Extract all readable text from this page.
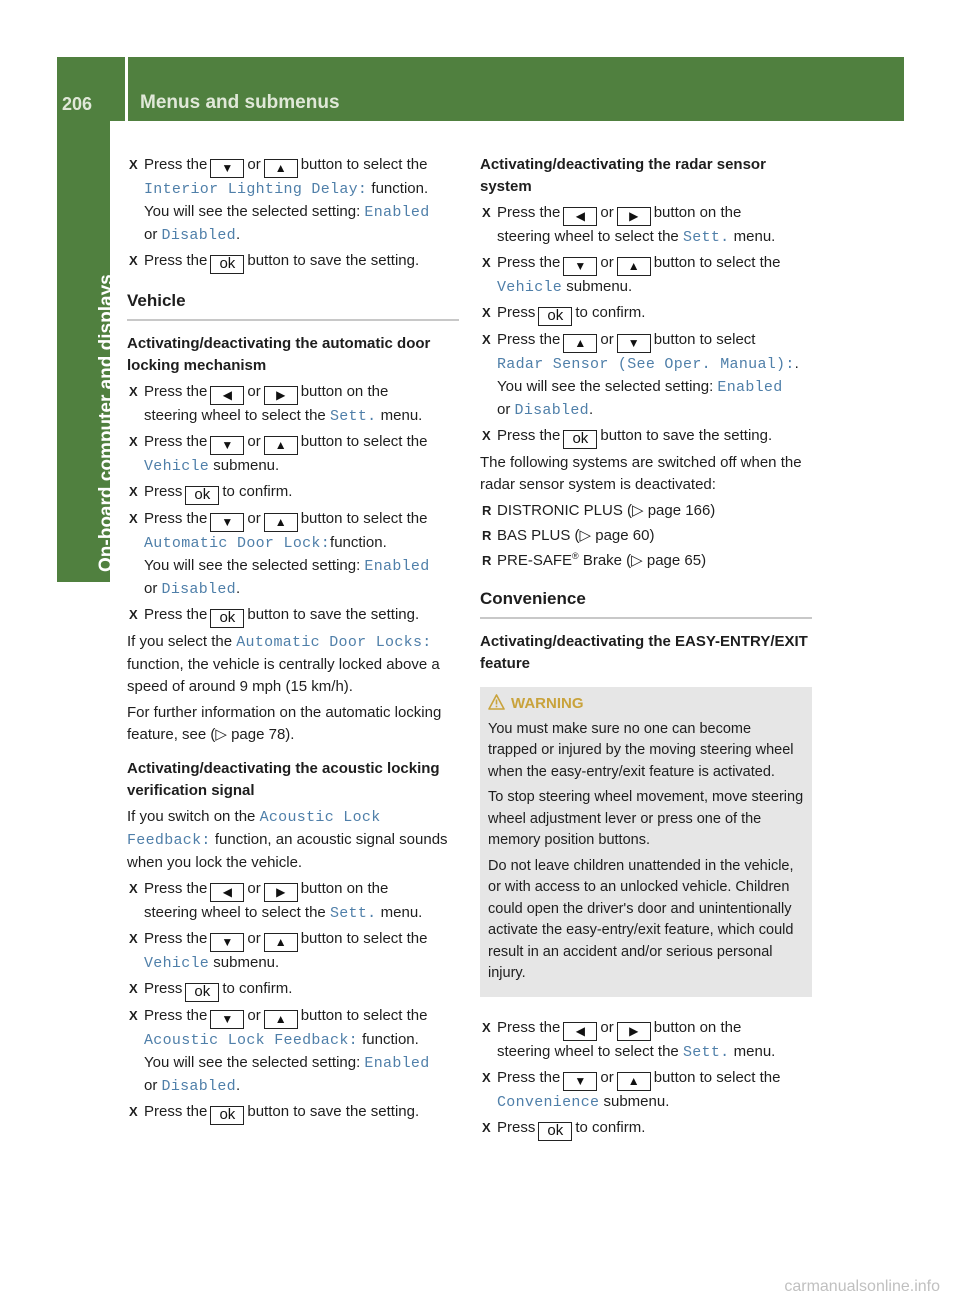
206	Menus and submenus
On-board computer and displays
X Press the ▼ or ▲ button to select the
Interior Lighting Delay: function.
You will see the selected setting: Enabled
or Disabled.
X Press the ok button to save the setting.
Vehicle
Activating/deactivating the automatic door locking mechanism
X Press the ◀ or ▶ button on the
steering wheel to select the Sett. menu.
X Press the ▼ or ▲ button to select the
Vehicle submenu.
X Press ok to confirm.
X Press the ▼ or ▲ button to select the
Automatic Door Lock:function.
You will see the selected setting: Enabled
or Disabled.
X Press the ok button to save the setting.

If you select the Automatic Door Locks: function, the vehicle is centrally locked above a speed of around 9 mph (15 km/h).

For further information on the automatic locking feature, see (▷ page 78).

Activating/deactivating the acoustic locking verification signal

If you switch on the Acoustic Lock
Feedback: function, an acoustic signal sounds when you lock the vehicle.

X Press the ◀ or ▶ button on the
steering wheel to select the Sett. menu.
X Press the ▼ or ▲ button to select the
Vehicle submenu.
X Press ok to confirm.
X Press the ▼ or ▲ button to select the
Acoustic Lock Feedback: function.
You will see the selected setting: Enabled
or Disabled.
X Press the ok button to save the setting.
Activating/deactivating the radar sensor system
X Press the ◀ or ▶ button on the
steering wheel to select the Sett. menu.
X Press the ▼ or ▲ button to select the
Vehicle submenu.
X Press ok to confirm.
X Press the ▲ or ▼ button to select
Radar Sensor (See Oper. Manual):.
You will see the selected setting: Enabled
or Disabled.
X Press the ok button to save the setting.

The following systems are switched off when the radar sensor system is deactivated:

R DISTRONIC PLUS (▷ page 166)
R BAS PLUS (▷ page 60)
R PRE-SAFE® Brake (▷ page 65)
Convenience
Activating/deactivating the EASY-ENTRY/EXIT feature
WARNING

You must make sure no one can become trapped or injured by the moving steering wheel when the easy-entry/exit feature is activated.

To stop steering wheel movement, move steering wheel adjustment lever or press one of the memory position buttons.

Do not leave children unattended in the vehicle, or with access to an unlocked vehicle. Children could open the driver's door and unintentionally activate the easy-entry/exit feature, which could result in an accident and/or serious personal injury.

X Press the ◀ or ▶ button on the
steering wheel to select the Sett. menu.
X Press the ▼ or ▲ button to select the
Convenience submenu.
X Press ok to confirm.
carmanualsonline.info
